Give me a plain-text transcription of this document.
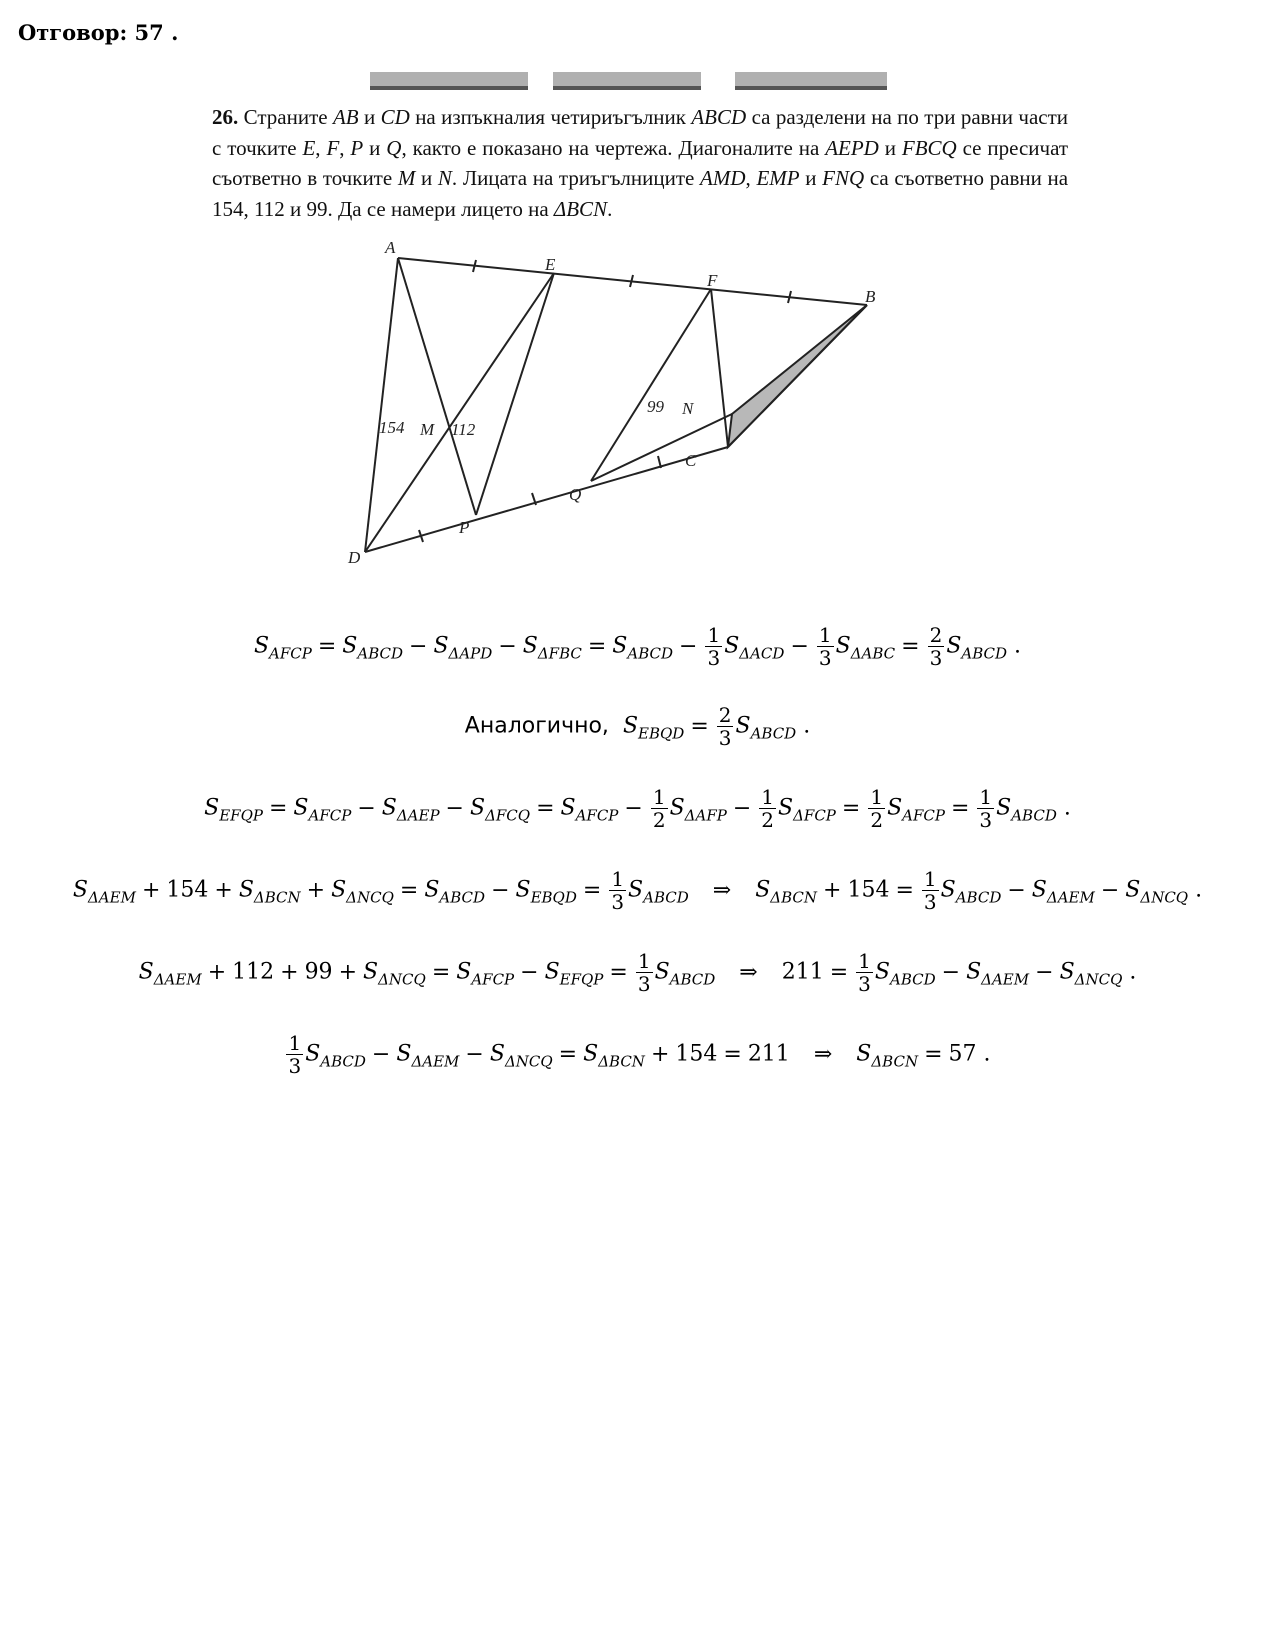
Отговор: 57 .
26. Страните AB и CD на изпъкналия четириъгълник ABCD са разделени на по три равни части с точките E, F, P и Q, както е показано на чертежа. Диагоналите на AEPD и FBCQ се пресичат съответно в точките M и N. Лицата на триъгълниците AMD, EMP и FNQ са съответно равни на 154, 112 и 99. Да се намери лицето на ΔBCN.
A
E
F
B
N
C
Q
P
D
M
154	112
99
$S_{AFCP} = S_{ABCD} - S_{\Delta APD} - S_{\Delta FBC} = S_{ABCD} - \frac{1}{3} S_{\Delta ACD} - \frac{1}{3} S_{\Delta ABC} = \frac{2}{3} S_{ABCD}$ .
Аналогично, $S_{EBQD} = \frac{2}{3} S_{ABCD}$ .
$S_{EFQP} = S_{AFCP} - S_{\Delta AEP} - S_{\Delta FCQ} = S_{AFCP} - \frac{1}{2} S_{\Delta AFP} - \frac{1}{2} S_{\Delta FCP} = \frac{1}{2} S_{AFCP} = \frac{1}{3} S_{ABCD}$ .
$S_{\Delta AEM} + 154 + S_{\Delta BCN} + S_{\Delta NCQ} = S_{ABCD} - S_{EBQD} = \frac{1}{3} S_{ABCD}$ ⇒ $S_{\Delta BCN} + 154 = \frac{1}{3} S_{ABCD} - S_{\Delta AEM} - S_{\Delta NCQ}$ .
$S_{\Delta AEM} + 112 + 99 + S_{\Delta NCQ} = S_{AFCP} - S_{EFQP} = \frac{1}{3} S_{ABCD}$ ⇒ $211 = \frac{1}{3} S_{ABCD} - S_{\Delta AEM} - S_{\Delta NCQ}$ .
$\frac{1}{3} S_{ABCD} - S_{\Delta AEM} - S_{\Delta NCQ} = S_{\Delta BCN} + 154 = 211$ ⇒ $S_{\Delta BCN} = 57$ .
